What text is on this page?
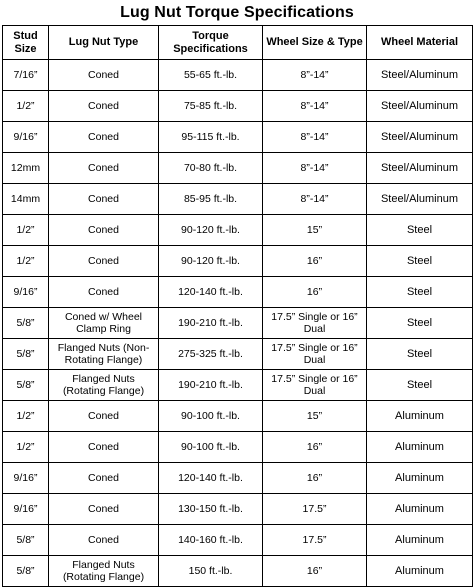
Lug Nut Torque Specifications
Stud Size	Lug Nut Type	Torque Specifications	Wheel Size & Type	Wheel Material
7/16”	Coned	55-65 ft.-lb.	8”-14”	Steel/Aluminum
1/2”	Coned	75-85 ft.-lb.	8”-14”	Steel/Aluminum
9/16”	Coned	95-115 ft.-lb.	8”-14”	Steel/Aluminum
12mm	Coned	70-80 ft.-lb.	8”-14”	Steel/Aluminum
14mm	Coned	85-95 ft.-lb.	8”-14”	Steel/Aluminum
1/2”	Coned	90-120 ft.-lb.	15”	Steel
1/2”	Coned	90-120 ft.-lb.	16”	Steel
9/16”	Coned	120-140 ft.-lb.	16”	Steel
5/8”	Coned w/ Wheel Clamp Ring	190-210 ft.-lb.	17.5” Single or 16” Dual	Steel
5/8”	Flanged Nuts (Non-Rotating Flange)	275-325 ft.-lb.	17.5” Single or 16” Dual	Steel
5/8”	Flanged Nuts (Rotating Flange)	190-210 ft.-lb.	17.5” Single or 16” Dual	Steel
1/2”	Coned	90-100 ft.-lb.	15”	Aluminum
1/2”	Coned	90-100 ft.-lb.	16”	Aluminum
9/16”	Coned	120-140 ft.-lb.	16”	Aluminum
9/16”	Coned	130-150 ft.-lb.	17.5”	Aluminum
5/8”	Coned	140-160 ft.-lb.	17.5”	Aluminum
5/8”	Flanged Nuts (Rotating Flange)	150 ft.-lb.	16”	Aluminum
